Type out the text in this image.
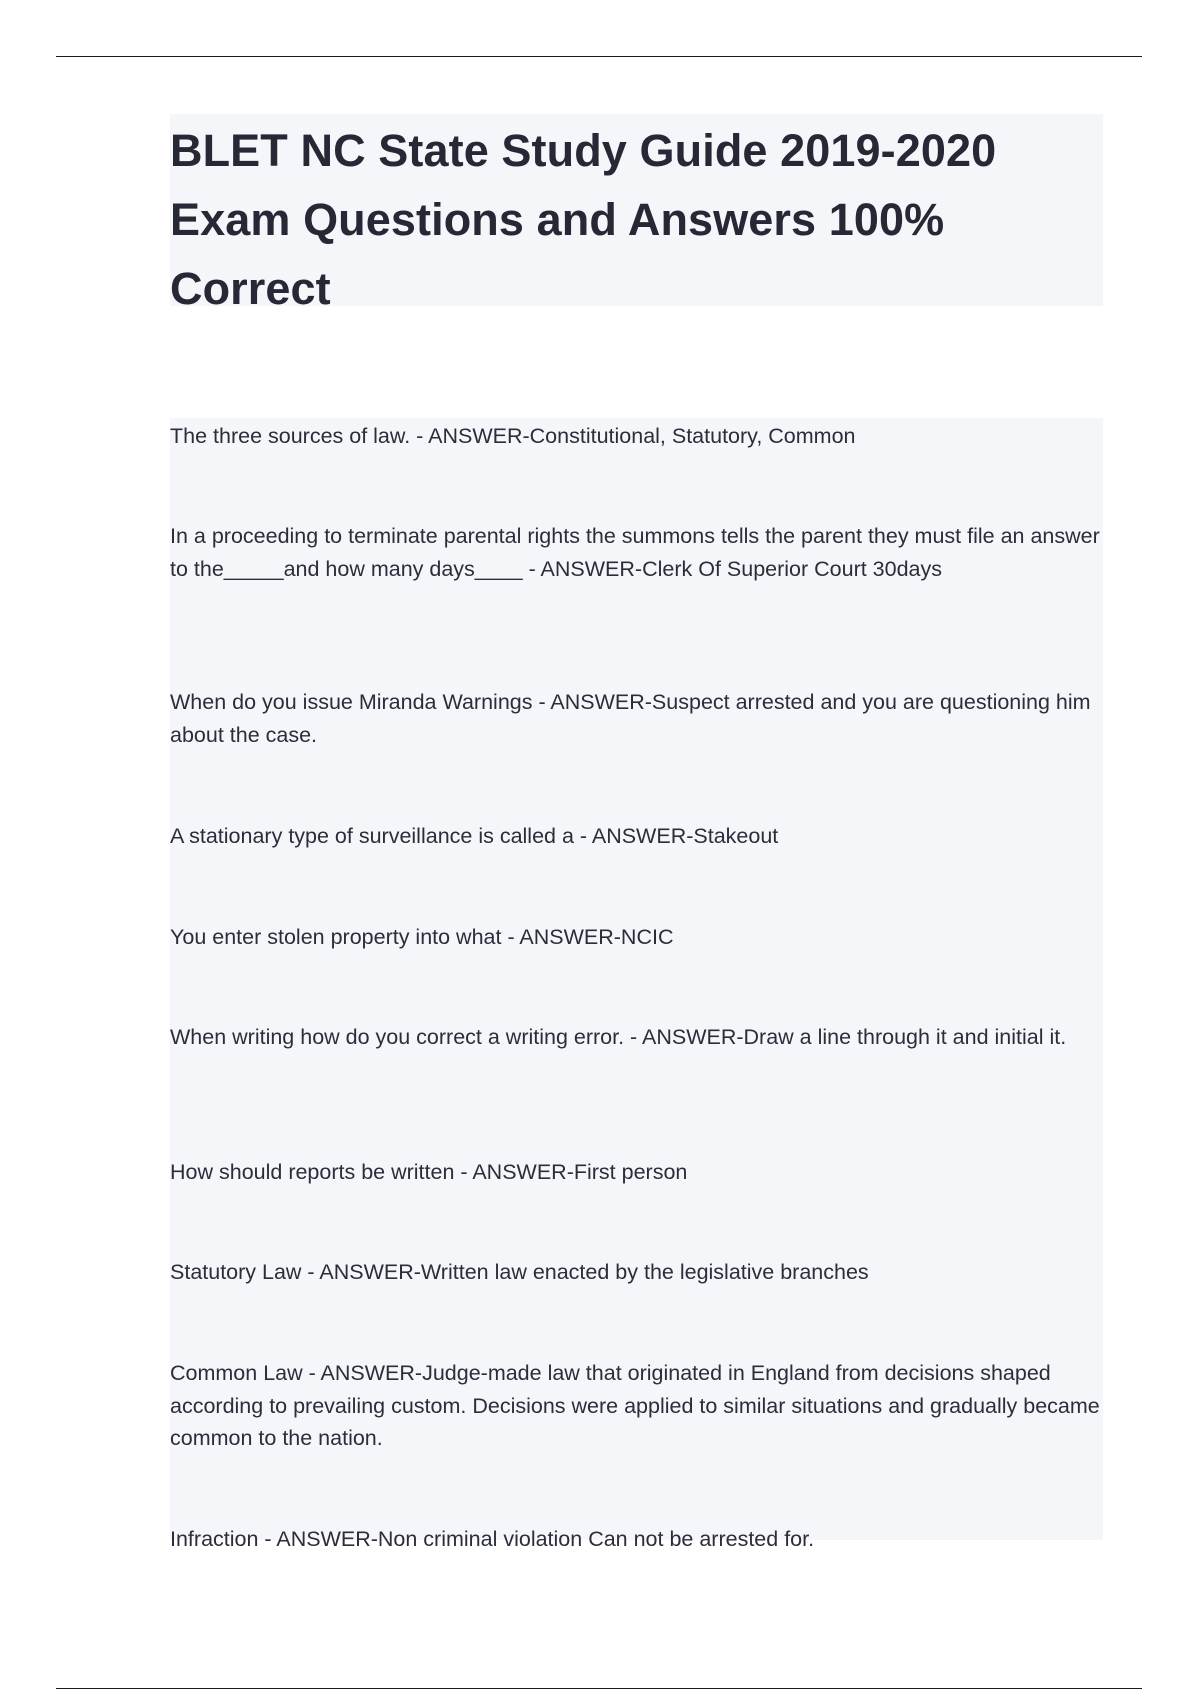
BLET NC State Study Guide 2019-2020 Exam Questions and Answers 100% Correct

The three sources of law. - ANSWER-Constitutional, Statutory, Common

In a proceeding to terminate parental rights the summons tells the parent they must file an answer to the_____and how many days____ - ANSWER-Clerk Of Superior Court 30days

When do you issue Miranda Warnings - ANSWER-Suspect arrested and you are questioning him about the case.

A stationary type of surveillance is called a - ANSWER-Stakeout

You enter stolen property into what - ANSWER-NCIC

When writing how do you correct a writing error. - ANSWER-Draw a line through it and initial it.

How should reports be written - ANSWER-First person

Statutory Law - ANSWER-Written law enacted by the legislative branches

Common Law - ANSWER-Judge-made law that originated in England from decisions shaped according to prevailing custom. Decisions were applied to similar situations and gradually became common to the nation.

Infraction - ANSWER-Non criminal violation Can not be arrested for.
